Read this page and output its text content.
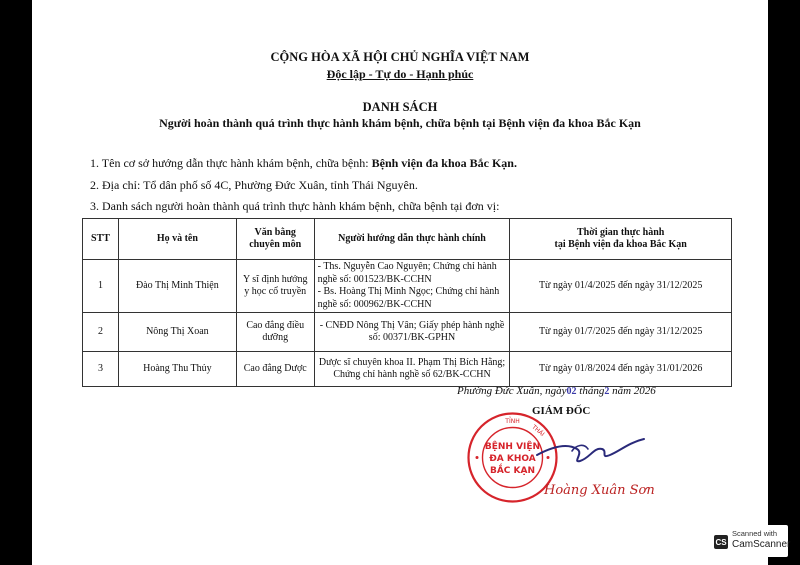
CỘNG HÒA XÃ HỘI CHỦ NGHĨA VIỆT NAM
Độc lập - Tự do - Hạnh phúc
DANH SÁCH
Người hoàn thành quá trình thực hành khám bệnh, chữa bệnh tại Bệnh viện đa khoa Bắc Kạn
1. Tên cơ sở hướng dẫn thực hành khám bệnh, chữa bệnh: Bệnh viện đa khoa Bắc Kạn.
2. Địa chỉ: Tổ dân phố số 4C, Phường Đức Xuân, tỉnh Thái Nguyên.
3. Danh sách người hoàn thành quá trình thực hành khám bệnh, chữa bệnh tại đơn vị:
STT	Họ và tên	Văn bằng chuyên môn	Người hướng dẫn thực hành chính	Thời gian thực hành
tại Bệnh viện đa khoa Bắc Kạn

1	Đào Thị Minh Thiện	Y sĩ định hướng y học cổ truyền	- Ths. Nguyễn Cao Nguyên; Chứng chỉ hành nghề số: 001523/BK-CCHN
- Bs. Hoàng Thị Minh Ngọc; Chứng chỉ hành nghề số: 000962/BK-CCHN	Từ ngày 01/4/2025 đến ngày 31/12/2025
2	Nông Thị Xoan	Cao đẳng điều dưỡng	- CNĐD Nông Thị Vân; Giấy phép hành nghề số: 00371/BK-GPHN	Từ ngày 01/7/2025 đến ngày 31/12/2025
3	Hoàng Thu Thủy	Cao đẳng Dược	Dược sĩ chuyên khoa II. Phạm Thị Bích Hằng; Chứng chỉ hành nghề số 62/BK-CCHN	Từ ngày 01/8/2024 đến ngày 31/01/2026
Phường Đức Xuân, ngày02 tháng2 năm 2026
GIÁM ĐỐC
TỈNH
THÁI
BỆNH VIỆN
ĐA KHOA
BẮC KẠN
Hoàng Xuân Sơn
CS
Scanned with
CamScanner
